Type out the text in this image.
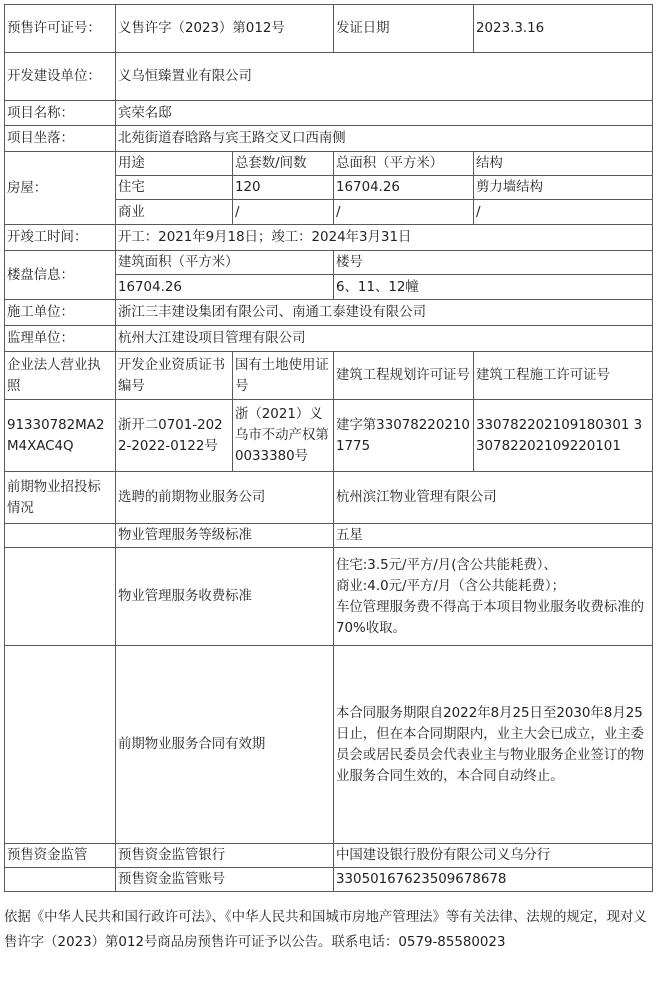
预售许可证号：	义售许字（2023）第012号		发证日期	2023.3.16
开发建设单位：	义乌恒臻置业有限公司			
项目名称：	宾荣名邸			
项目坐落：	北苑街道春晗路与宾王路交叉口西南侧			
房屋：	用途	总套数/间数	总面积（平方米）	结构
	住宅	120	16704.26	剪力墙结构
	商业	/	/	/
开竣工时间：	开工：2021年9月18日；竣工：2024年3月31日			
楼盘信息：	建筑面积（平方米）		楼号	
	16704.26		6、11、12幢	
施工单位：	浙江三丰建设集团有限公司、南通工泰建设有限公司			
监理单位：	杭州大江建设项目管理有限公司			
企业法人营业执照	开发企业资质证书编号	国有土地使用证号	建筑工程规划许可证号	建筑工程施工许可证号
91330782MA2M4XAC4Q	浙开二0701-2022-2022-0122号	浙（2021）义乌市不动产权第0033380号	建字第330782202101775	330782202109180301 330782202109220101
前期物业招投标情况	选聘的前期物业服务公司		杭州滨江物业管理有限公司	
	物业管理服务等级标准		五星	
	物业管理服务收费标准		住宅:3.5元/平方/月(含公共能耗费）、
商业:4.0元/平方/月（含公共能耗费）；
车位管理服务费不得高于本项目物业服务收费标准的70%收取。	

	前期物业服务合同有效期		本合同服务期限自2022年8月25日至2030年8月25日止，但在本合同期限内，业主大会已成立，业主委员会或居民委员会代表业主与物业服务企业签订的物业服务合同生效的，本合同自动终止。	
预售资金监管	预售资金监管银行		中国建设银行股份有限公司义乌分行	
	预售资金监管账号		33050167623509678678	
依据《中华人民共和国行政许可法》、《中华人民共和国城市房地产管理法》等有关法律、法规的规定，现对义售许字（2023）第012号商品房预售许可证予以公告。联系电话：0579-85580023
